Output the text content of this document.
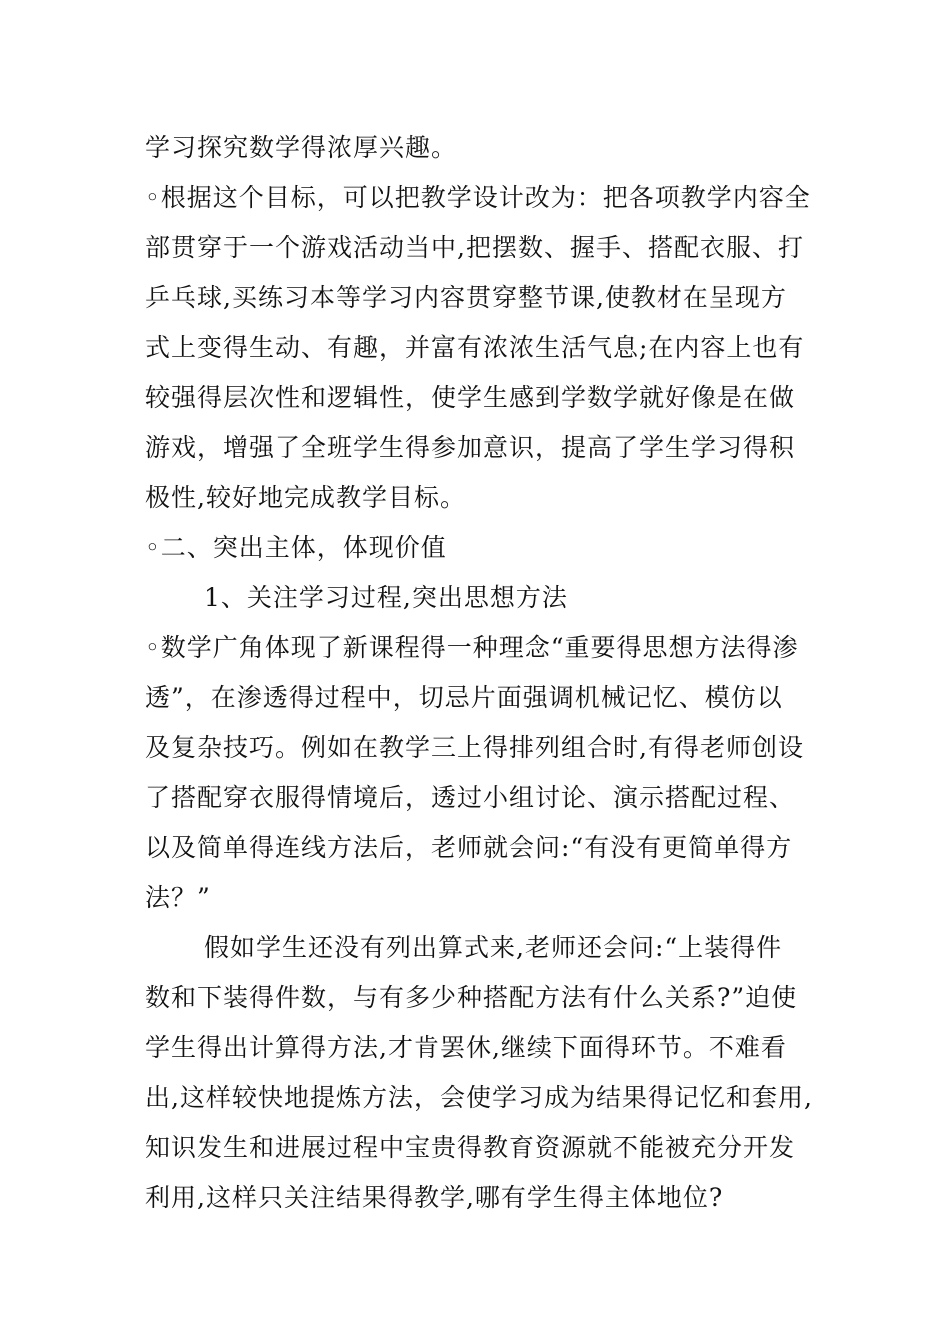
学习探究数学得浓厚兴趣。
◦根据这个目标，可以把教学设计改为：把各项教学内容全
部贯穿于一个游戏活动当中,把摆数、握手、搭配衣服、打
乒乓球,买练习本等学习内容贯穿整节课,使教材在呈现方
式上变得生动、有趣，并富有浓浓生活气息;在内容上也有
较强得层次性和逻辑性，使学生感到学数学就好像是在做
游戏，增强了全班学生得参加意识，提高了学生学习得积
极性,较好地完成教学目标。
◦二、突出主体，体现价值
1、关注学习过程,突出思想方法
◦数学广角体现了新课程得一种理念“重要得思想方法得渗
透”，在渗透得过程中，切忌片面强调机械记忆、模仿以
及复杂技巧。例如在教学三上得排列组合时,有得老师创设
了搭配穿衣服得情境后，透过小组讨论、演示搭配过程、
以及简单得连线方法后，老师就会问:“有没有更简单得方
法？”
假如学生还没有列出算式来,老师还会问:“上装得件
数和下装得件数，与有多少种搭配方法有什么关系?”迫使
学生得出计算得方法,才肯罢休,继续下面得环节。不难看
出,这样较快地提炼方法，会使学习成为结果得记忆和套用,
知识发生和进展过程中宝贵得教育资源就不能被充分开发
利用,这样只关注结果得教学,哪有学生得主体地位?
